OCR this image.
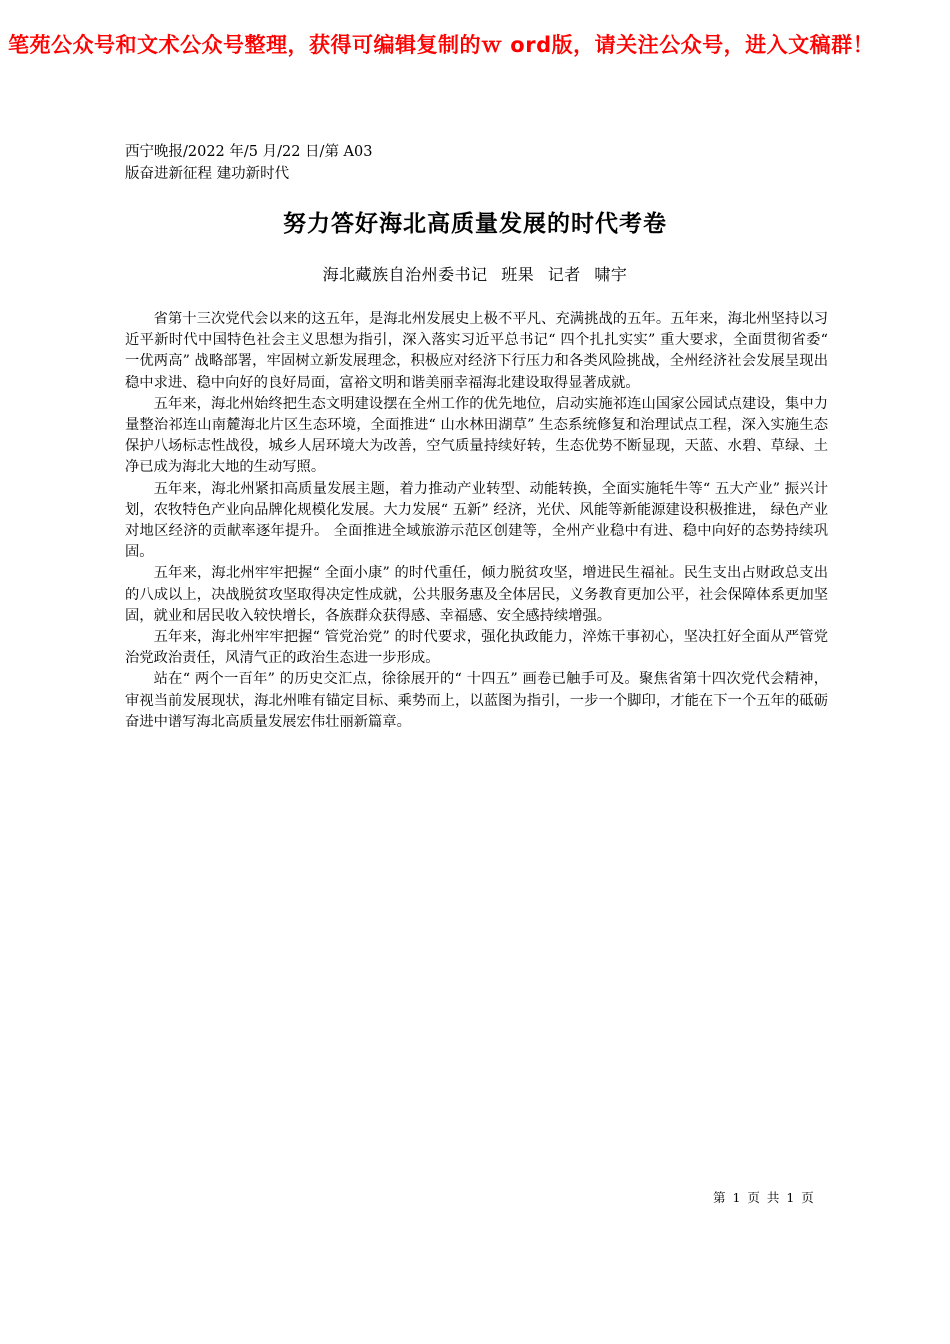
笔苑公众号和文术公众号整理，获得可编辑复制的ｗ ord版，请关注公众号，进入文稿群！
西宁晚报/2022 年/5 月/22 日/第 A03
版奋进新征程 建功新时代
努力答好海北高质量发展的时代考卷
海北藏族自治州委书记 班果 记者 啸宇

省第十三次党代会以来的这五年，是海北州发展史上极不平凡、充满挑战的五年。五年来，海北州坚持以习近平新时代中国特色社会主义思想为指引，深入落实习近平总书记“ 四个扎扎实实” 重大要求，全面贯彻省委“ 一优两高” 战略部署，牢固树立新发展理念，积极应对经济下行压力和各类风险挑战，全州经济社会发展呈现出稳中求进、稳中向好的良好局面，富裕文明和谐美丽幸福海北建设取得显著成就。

五年来，海北州始终把生态文明建设摆在全州工作的优先地位，启动实施祁连山国家公园试点建设，集中力量整治祁连山南麓海北片区生态环境，全面推进“ 山水林田湖草” 生态系统修复和治理试点工程，深入实施生态保护八场标志性战役，城乡人居环境大为改善，空气质量持续好转，生态优势不断显现，天蓝、水碧、草绿、土净已成为海北大地的生动写照。

五年来，海北州紧扣高质量发展主题，着力推动产业转型、动能转换，全面实施牦牛等“ 五大产业” 振兴计划，农牧特色产业向品牌化规模化发展。大力发展“ 五新” 经济，光伏、风能等新能源建设积极推进， 绿色产业对地区经济的贡献率逐年提升。 全面推进全域旅游示范区创建等，全州产业稳中有进、稳中向好的态势持续巩固。

五年来，海北州牢牢把握“ 全面小康” 的时代重任，倾力脱贫攻坚，增进民生福祉。民生支出占财政总支出的八成以上，决战脱贫攻坚取得决定性成就，公共服务惠及全体居民，义务教育更加公平，社会保障体系更加坚固，就业和居民收入较快增长，各族群众获得感、幸福感、安全感持续增强。

五年来，海北州牢牢把握“ 管党治党” 的时代要求，强化执政能力，淬炼干事初心，坚决扛好全面从严管党治党政治责任，风清气正的政治生态进一步形成。

站在“ 两个一百年” 的历史交汇点，徐徐展开的“ 十四五” 画卷已触手可及。聚焦省第十四次党代会精神，审视当前发展现状，海北州唯有锚定目标、乘势而上，以蓝图为指引，一步一个脚印，才能在下一个五年的砥砺奋进中谱写海北高质量发展宏伟壮丽新篇章。

第 1 页 共 1 页
